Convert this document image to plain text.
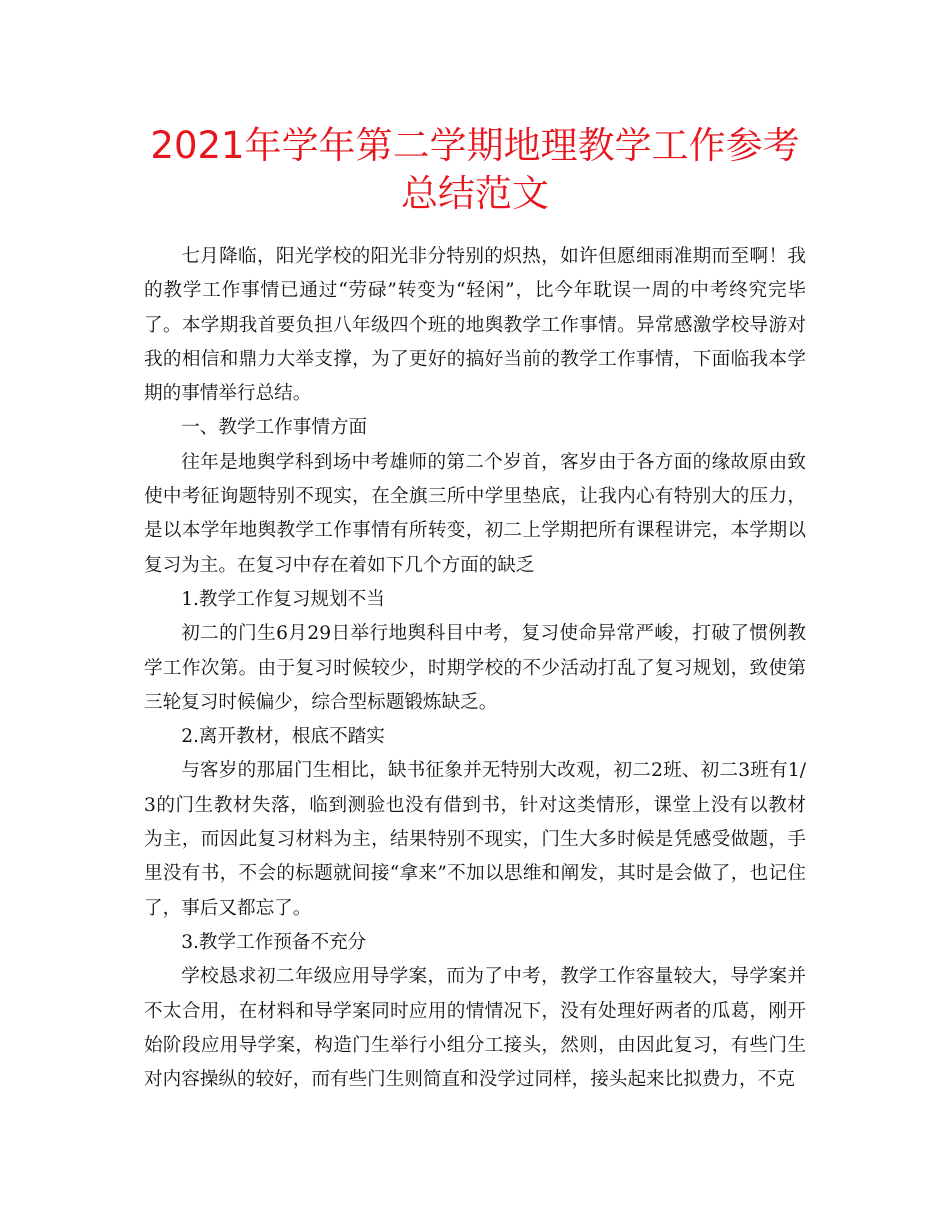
2021年学年第二学期地理教学工作参考总结范文

七月降临，阳光学校的阳光非分特别的炽热，如许但愿细雨准期而至啊！我的教学工作事情已通过“劳碌”转变为“轻闲”，比今年耽误一周的中考终究完毕了。本学期我首要负担八年级四个班的地舆教学工作事情。异常感激学校导游对我的相信和鼎力大举支撑，为了更好的搞好当前的教学工作事情，下面临我本学期的事情举行总结。

一、教学工作事情方面

往年是地舆学科到场中考雄师的第二个岁首，客岁由于各方面的缘故原由致使中考征询题特别不现实，在全旗三所中学里垫底，让我内心有特别大的压力，是以本学年地舆教学工作事情有所转变，初二上学期把所有课程讲完，本学期以复习为主。在复习中存在着如下几个方面的缺乏

1.教学工作复习规划不当

初二的门生6月29日举行地舆科目中考，复习使命异常严峻，打破了惯例教学工作次第。由于复习时候较少，时期学校的不少活动打乱了复习规划，致使第三轮复习时候偏少，综合型标题锻炼缺乏。

2.离开教材，根底不踏实

与客岁的那届门生相比，缺书征象并无特别大改观，初二2班、初二3班有1/3的门生教材失落，临到测验也没有借到书，针对这类情形，课堂上没有以教材为主，而因此复习材料为主，结果特别不现实，门生大多时候是凭感受做题，手里没有书，不会的标题就间接“拿来”不加以思维和阐发，其时是会做了，也记住了，事后又都忘了。

3.教学工作预备不充分

学校恳求初二年级应用导学案，而为了中考，教学工作容量较大，导学案并不太合用，在材料和导学案同时应用的情情况下，没有处理好两者的瓜葛，刚开始阶段应用导学案，构造门生举行小组分工接头，然则，由因此复习，有些门生对内容操纵的较好，而有些门生则简直和没学过同样，接头起来比拟费力，不克
